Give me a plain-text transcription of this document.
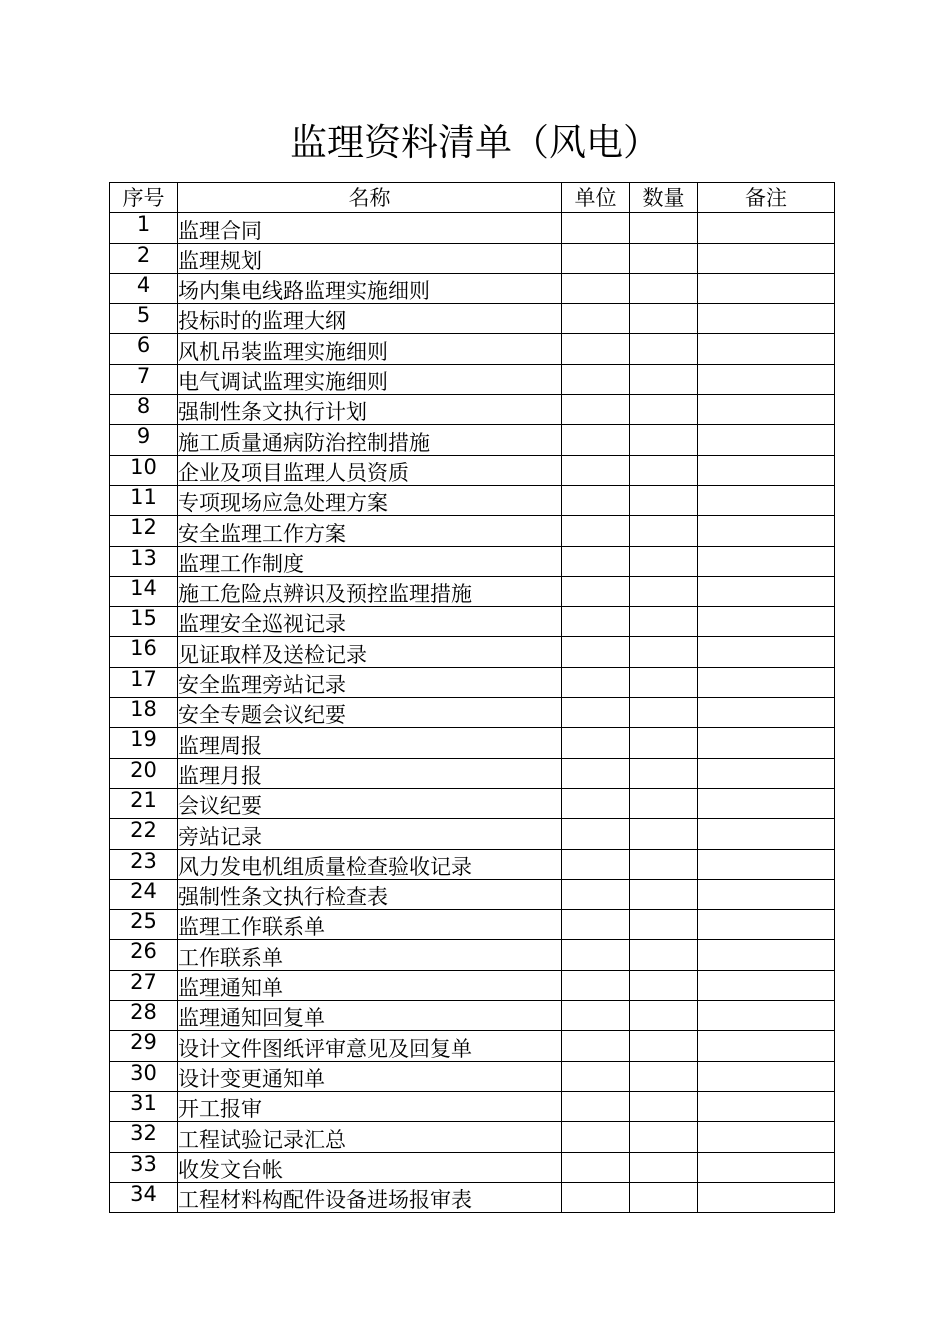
监理资料清单（风电）
序号	名称	单位	数量	备注
1	监理合同			
2	监理规划			
4	场内集电线路监理实施细则			
5	投标时的监理大纲			
6	风机吊装监理实施细则			
7	电气调试监理实施细则			
8	强制性条文执行计划			
9	施工质量通病防治控制措施			
10	企业及项目监理人员资质			
11	专项现场应急处理方案			
12	安全监理工作方案			
13	监理工作制度			
14	施工危险点辨识及预控监理措施			
15	监理安全巡视记录			
16	见证取样及送检记录			
17	安全监理旁站记录			
18	安全专题会议纪要			
19	监理周报			
20	监理月报			
21	会议纪要			
22	旁站记录			
23	风力发电机组质量检查验收记录			
24	强制性条文执行检查表			
25	监理工作联系单			
26	工作联系单			
27	监理通知单			
28	监理通知回复单			
29	设计文件图纸评审意见及回复单			
30	设计变更通知单			
31	开工报审			
32	工程试验记录汇总			
33	收发文台帐			
34	工程材料构配件设备进场报审表			
